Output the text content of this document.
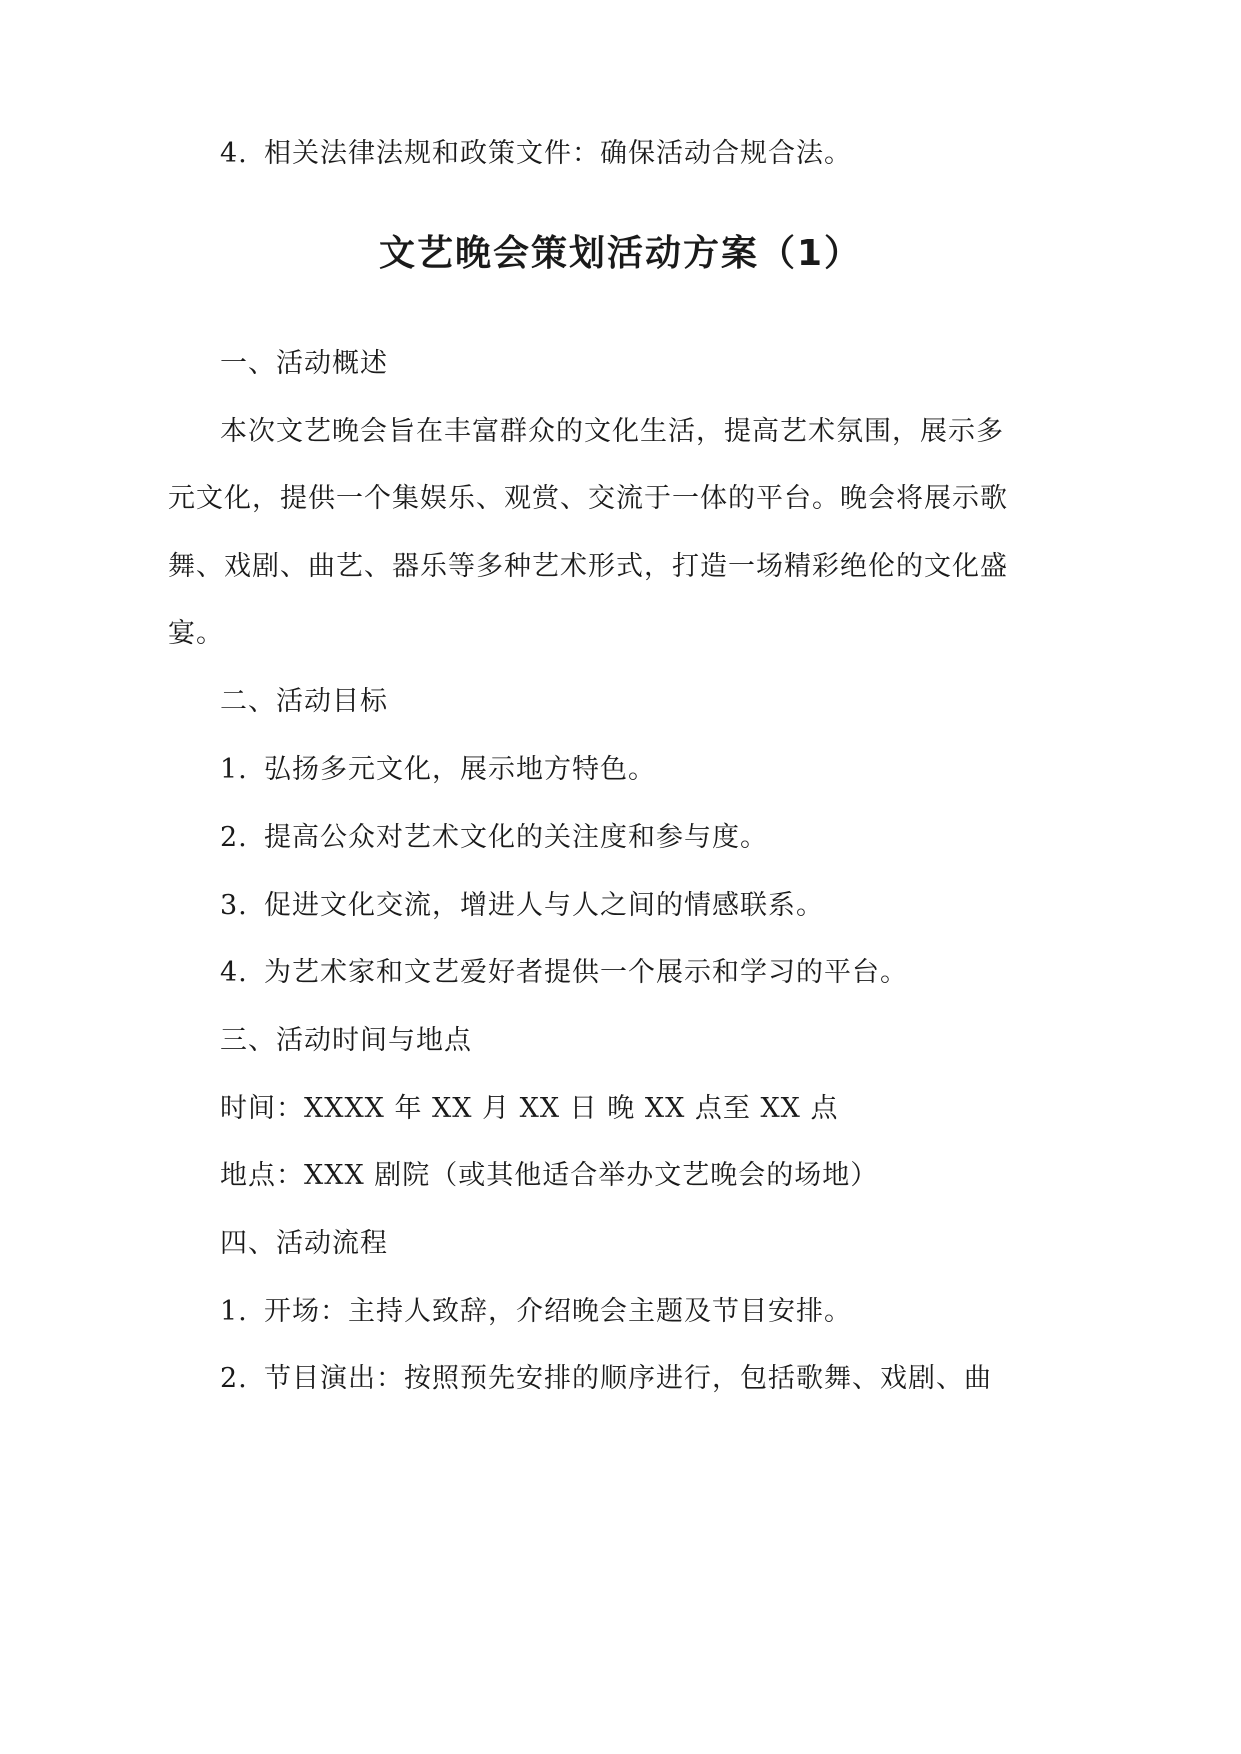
4. 相关法律法规和政策文件：确保活动合规合法。
文艺晚会策划活动方案（1）
一、活动概述
本次文艺晚会旨在丰富群众的文化生活，提高艺术氛围，展示多
元文化，提供一个集娱乐、观赏、交流于一体的平台。晚会将展示歌
舞、戏剧、曲艺、器乐等多种艺术形式，打造一场精彩绝伦的文化盛
宴。
二、活动目标
1. 弘扬多元文化，展示地方特色。
2. 提高公众对艺术文化的关注度和参与度。
3. 促进文化交流，增进人与人之间的情感联系。
4. 为艺术家和文艺爱好者提供一个展示和学习的平台。
三、活动时间与地点
时间：XXXX 年 XX 月 XX 日 晚 XX 点至 XX 点
地点：XXX 剧院（或其他适合举办文艺晚会的场地）
四、活动流程
1. 开场：主持人致辞，介绍晚会主题及节目安排。
2. 节目演出：按照预先安排的顺序进行，包括歌舞、戏剧、曲
